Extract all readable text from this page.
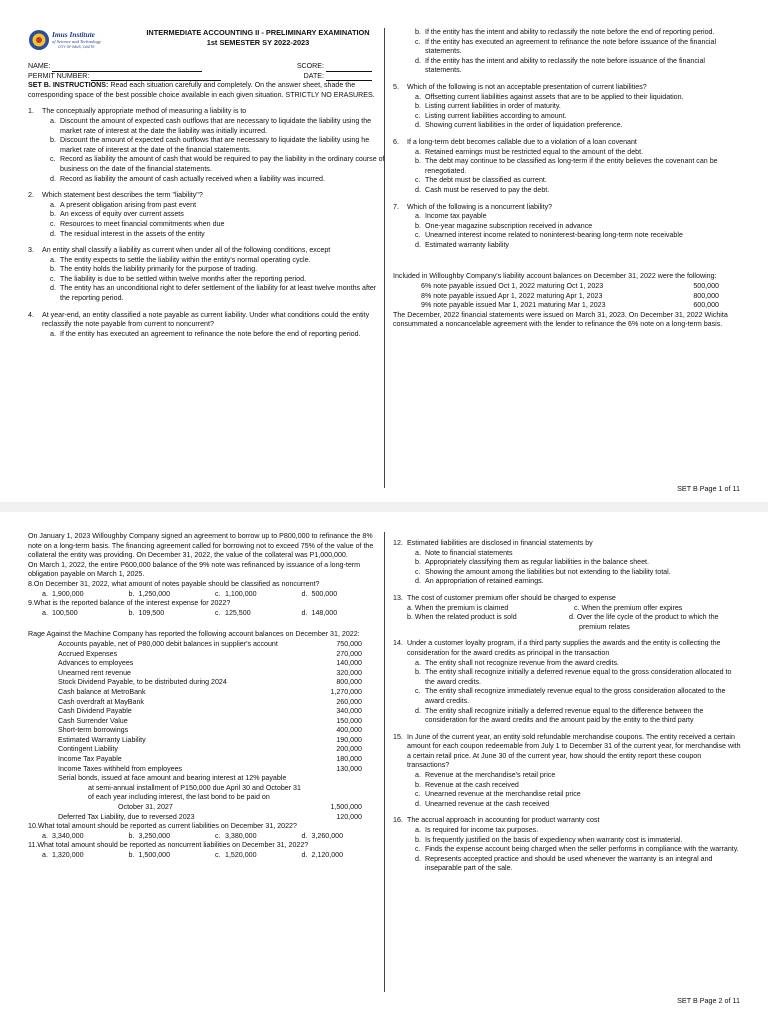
Imus Institute
of Science and Technology
CITY OF IMUS, CAVITE
INTERMEDIATE ACCOUNTING II - PRELIMINARY EXAMINATION
1st SEMESTER SY 2022-2023
NAME:	SCORE:
PERMIT NUMBER:	DATE:
SET B. INSTRUCTIONS: Read each situation carefully and completely. On the answer sheet, shade the corresponding space of the best possible choice available in each given situation. STRICTLY NO ERASURES.
1. The conceptually appropriate method of measuring a liability is to
a. Discount the amount of expected cash outflows that are necessary to liquidate the liability using the market rate of interest at the date the liability was initially incurred.
b. Discount the amount of expected cash outflows that are necessary to liquidate the liability using he market rate of interest at the date of the financial statements.
c. Record as liability the amount of cash that would be required to pay the liability in the ordinary course of business on the date of the financial statements.
d. Record as liability the amount of cash actually received when a liability was incurred.
2. Which statement best describes the term "liability"?
a. A present obligation arising from past event
b. An excess of equity over current assets
c. Resources to meet financial commitments when due
d. The residual interest in the assets of the entity
3. An entity shall classify a liability as current when under all of the following conditions, except
a. The entity expects to settle the liability within the entity's normal operating cycle.
b. The entity holds the liability primarily for the purpose of trading.
c. The liability is due to be settled within twelve months after the reporting period.
d. The entity has an unconditional right to defer settlement of the liability for at least twelve months after the reporting period.
4. At year-end, an entity classified a note payable as current liability. Under what conditions could the entity reclassify the note payable from current to noncurrent?
a. If the entity has executed an agreement to refinance the note before the end of reporting period.
b. If the entity has the intent and ability to reclassify the note before the end of reporting period.
c. If the entity has executed an agreement to refinance the note before issuance of the financial statements.
d. If the entity has the intent and ability to reclassify the note before issuance of the financial statements.
5. Which of the following is not an acceptable presentation of current liabilities?
a. Offsetting current liabilities against assets that are to be applied to their liquidation.
b. Listing current liabilities in order of maturity.
c. Listing current liabilities according to amount.
d. Showing current liabilities in the order of liquidation preference.
6. If a long-term debt becomes callable due to a violation of a loan covenant
a. Retained earnings must be restricted equal to the amount of the debt.
b. The debt may continue to be classified as long-term if the entity believes the covenant can be renegotiated.
c. The debt must be classified as current.
d. Cash must be reserved to pay the debt.
7. Which of the following is a noncurrent liability?
a. Income tax payable
b. One-year magazine subscription received in advance
c. Unearned interest income related to noninterest-bearing long-term note receivable
d. Estimated warranty liability
Included in Willoughby Company's liability account balances on December 31, 2022 were the following:
6% note payable issued Oct 1, 2022 maturing Oct 1, 2023	500,000
8% note payable issued Apr 1, 2022 maturing Apr 1, 2023	800,000
9% note payable issued Mar 1, 2021 maturing Mar 1, 2023	600,000
The December, 2022 financial statements were issued on March 31, 2023. On December 31, 2022 Wichita consummated a noncancelable agreement with the lender to refinance the 6% note on a long-term basis.
SET B Page 1 of 11
On January 1, 2023 Willoughby Company signed an agreement to borrow up to P800,000 to refinance the 8% note on a long-term basis. The financing agreement called for borrowing not to exceed 75% of the value of the collateral the entity was providing. On December 31, 2022, the value of the collateral was P1,000,000.
On March 1, 2022, the entire P600,000 balance of the 9% note was refinanced by issuance of a long-term obligation payable on March 1, 2025.
8.On December 31, 2022, what amount of notes payable should be classified as noncurrent?
a. 1,900,000	b. 1,250,000	c. 1,100,000	d. 500,000
9.What is the reported balance of the interest expense for 2022?
a. 100,500	b. 109,500	c. 125,500	d. 148,000
Rage Against the Machine Company has reported the following account balances on December 31, 2022:
Accounts payable, net of P80,000 debit balances in supplier's account	750,000
Accrued Expenses	270,000
Advances to employees	140,000
Unearned rent revenue	320,000
Stock Dividend Payable, to be distributed during 2024	800,000
Cash balance at MetroBank	1,270,000
Cash overdraft at MayBank	260,000
Cash Dividend Payable	340,000
Cash Surrender Value	150,000
Short-term borrowings	400,000
Estimated Warranty Liability	190,000
Contingent Liability	200,000
Income Tax Payable	180,000
Income Taxes withheld from employees	130,000
Serial bonds, issued at face amount and bearing interest at 12% payable
at semi-annual installment of P150,000 due April 30 and October 31
of each year including interest, the last bond to be paid on
October 31, 2027	1,500,000
Deferred Tax Liability, due to reversed 2023	120,000
10.What total amount should be reported as current liabilities on December 31, 2022?
a. 3,340,000	b. 3,250,000	c. 3,380,000	d. 3,260,000
11.What total amount should be reported as noncurrent liabilities on December 31, 2022?
a. 1,320,000	b. 1,500,000	c. 1,520,000	d. 2,120,000
12. Estimated liabilities are disclosed in financial statements by
a. Note to financial statements
b. Appropriately classifying them as regular liabilities in the balance sheet.
c. Showing the amount among the liabilities but not extending to the liability total.
d. An appropriation of retained earnings.
13. The cost of customer premium offer should be charged to expense
a. When the premium is claimed	c. When the premium offer expires
b. When the related product is sold	d. Over the life cycle of the product to which the premium relates
14. Under a customer loyalty program, if a third party supplies the awards and the entity is collecting the consideration for the award credits as principal in the transaction
a. The entity shall not recognize revenue from the award credits.
b. The entity shall recognize initially a deferred revenue equal to the gross consideration allocated to the award credits.
c. The entity shall recognize immediately revenue equal to the gross consideration allocated to the award credits.
d. The entity shall recognize initially a deferred revenue equal to the difference between the consideration for the award credits and the amount paid by the entity to the third party
15. In June of the current year, an entity sold refundable merchandise coupons. The entity received a certain amount for each coupon redeemable from July 1 to December 31 of the current year, for merchandise with a certain retail price. At June 30 of the current year, how should the entity report these coupon transactions?
a. Revenue at the merchandise's retail price
b. Revenue at the cash received
c. Unearned revenue at the merchandise retail price
d. Unearned revenue at the cash received
16. The accrual approach in accounting for product warranty cost
a. Is required for income tax purposes.
b. Is frequently justified on the basis of expediency when warranty cost is immaterial.
c. Finds the expense account being charged when the seller performs in compliance with the warranty.
d. Represents accepted practice and should be used whenever the warranty is an integral and inseparable part of the sale.
SET B Page 2 of 11
